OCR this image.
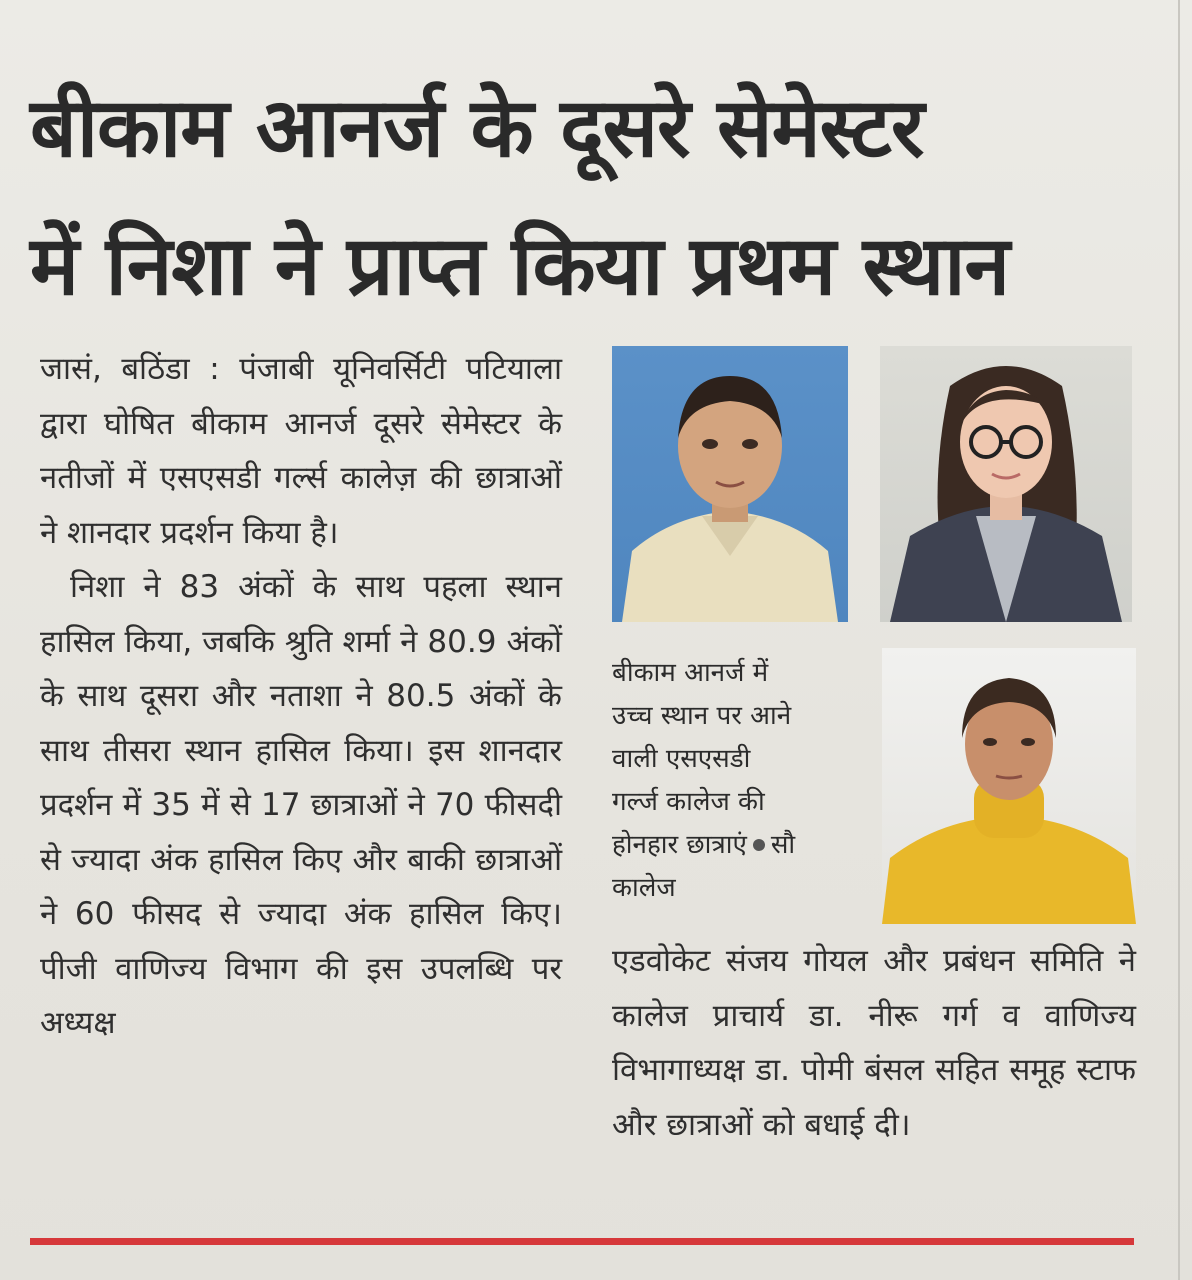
बीकाम आनर्ज के दूसरे सेमेस्टर
में निशा ने प्राप्त किया प्रथम स्थान

जासं, बठिंडा : पंजाबी यूनिवर्सिटी पटियाला द्वारा घोषित बीकाम आनर्ज दूसरे सेमेस्टर के नतीजों में एसएसडी गर्ल्स कालेज़ की छात्राओं ने शानदार प्रदर्शन किया है।

निशा ने 83 अंकों के साथ पहला स्थान हासिल किया, जबकि श्रुति शर्मा ने 80.9 अंकों के साथ दूसरा और नताशा ने 80.5 अंकों के साथ तीसरा स्थान हासिल किया। इस शानदार प्रदर्शन में 35 में से 17 छात्राओं ने 70 फीसदी से ज्यादा अंक हासिल किए और बाकी छात्राओं ने 60 फीसद से ज्यादा अंक हासिल किए। पीजी वाणिज्य विभाग की इस उपलब्धि पर अध्यक्ष

बीकाम आनर्ज में
उच्च स्थान पर आने
वाली एसएसडी
गर्ल्ज कालेज की
होनहार छात्राएं सौ
कालेज

एडवोकेट संजय गोयल और प्रबंधन समिति ने कालेज प्राचार्य डा. नीरू गर्ग व वाणिज्य विभागाध्यक्ष डा. पोमी बंसल सहित समूह स्टाफ और छात्राओं को बधाई दी।
